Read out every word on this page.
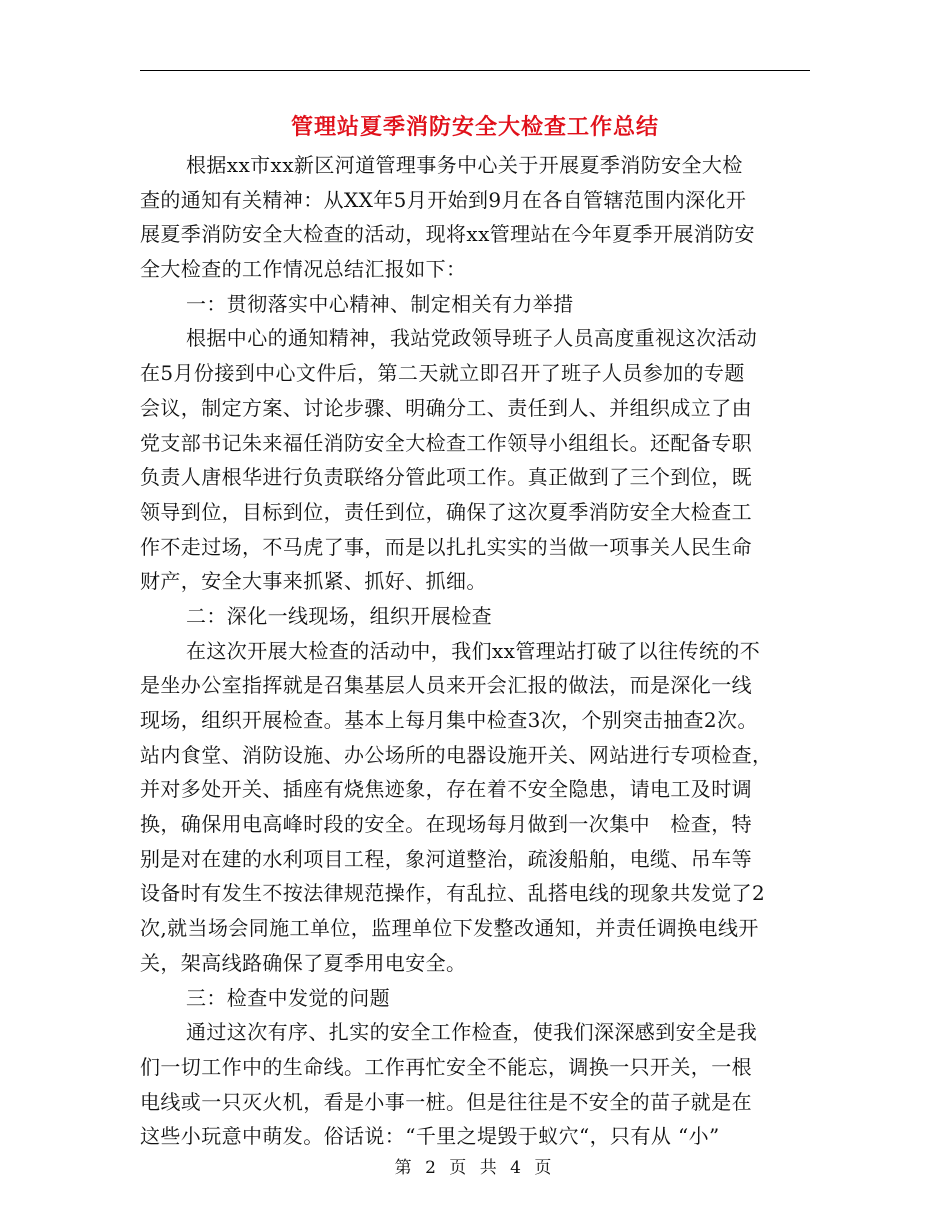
管理站夏季消防安全大检查工作总结
根据xx市xx新区河道管理事务中心关于开展夏季消防安全大检
查的通知有关精神：从XX年5月开始到9月在各自管辖范围内深化开
展夏季消防安全大检查的活动，现将xx管理站在今年夏季开展消防安
全大检查的工作情况总结汇报如下：
一：贯彻落实中心精神、制定相关有力举措
根据中心的通知精神，我站党政领导班子人员高度重视这次活动
在5月份接到中心文件后，第二天就立即召开了班子人员参加的专题
会议，制定方案、讨论步骤、明确分工、责任到人、并组织成立了由
党支部书记朱来福任消防安全大检查工作领导小组组长。还配备专职
负责人唐根华进行负责联络分管此项工作。真正做到了三个到位，既
领导到位，目标到位，责任到位，确保了这次夏季消防安全大检查工
作不走过场，不马虎了事，而是以扎扎实实的当做一项事关人民生命
财产，安全大事来抓紧、抓好、抓细。
二：深化一线现场，组织开展检查
在这次开展大检查的活动中，我们xx管理站打破了以往传统的不
是坐办公室指挥就是召集基层人员来开会汇报的做法，而是深化一线
现场，组织开展检查。基本上每月集中检查3次，个别突击抽查2次。
站内食堂、消防设施、办公场所的电器设施开关、网站进行专项检查，
并对多处开关、插座有烧焦迹象，存在着不安全隐患，请电工及时调
换，确保用电高峰时段的安全。在现场每月做到一次集中　检查，特
别是对在建的水利项目工程，象河道整治，疏浚船舶，电缆、吊车等
设备时有发生不按法律规范操作，有乱拉、乱搭电线的现象共发觉了2
次,就当场会同施工单位，监理单位下发整改通知，并责任调换电线开
关，架高线路确保了夏季用电安全。
三：检查中发觉的问题
通过这次有序、扎实的安全工作检查，使我们深深感到安全是我
们一切工作中的生命线。工作再忙安全不能忘，调换一只开关，一根
电线或一只灭火机，看是小事一桩。但是往往是不安全的苗子就是在
这些小玩意中萌发。俗话说：“千里之堤毁于蚁穴“，只有从 “小”
第 2 页 共 4 页
